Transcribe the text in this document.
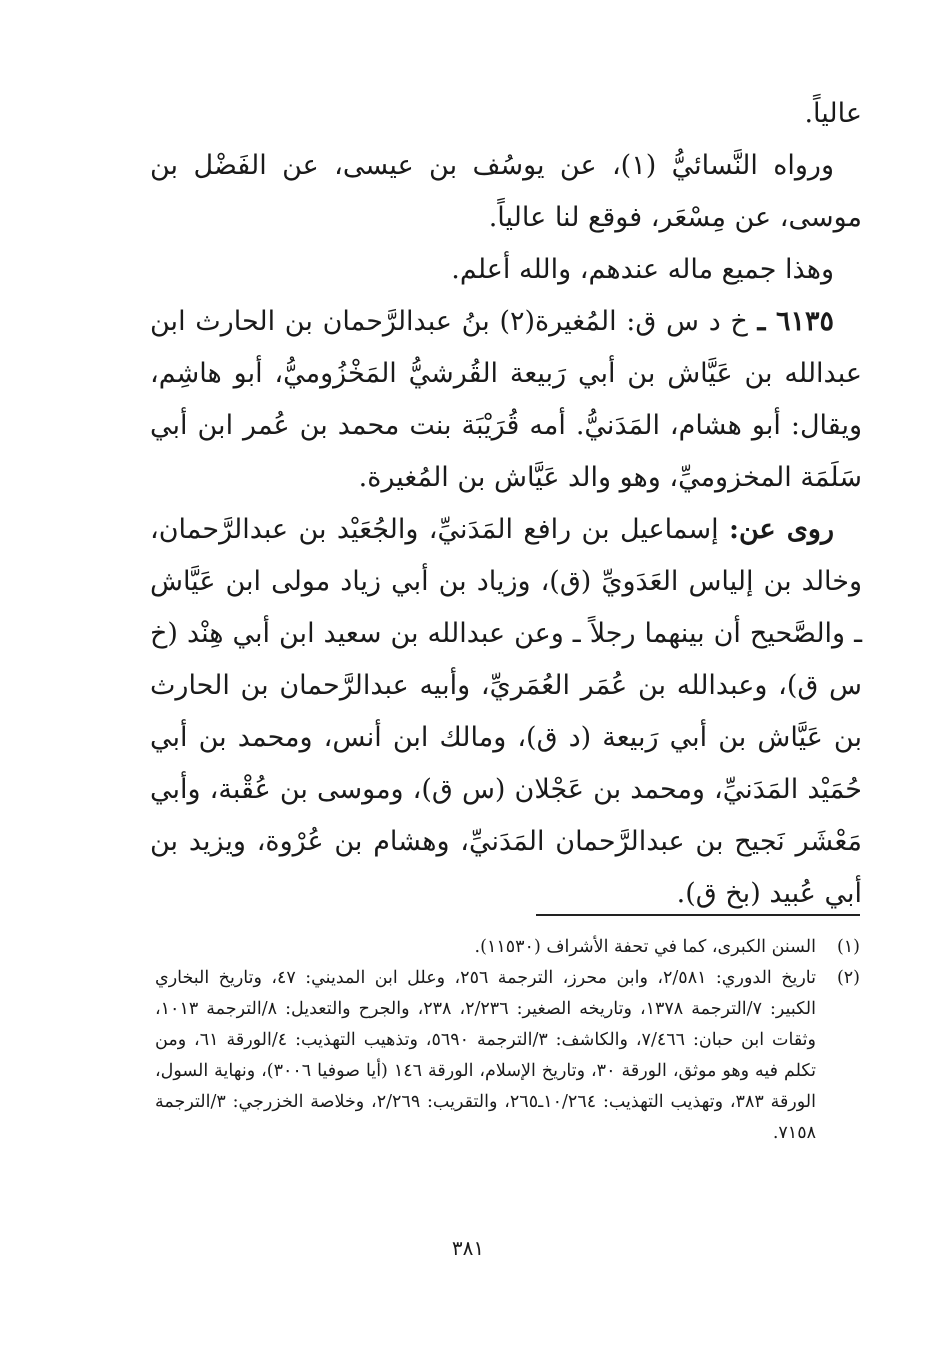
عالياً.

ورواه النَّسائيُّ (١)، عن يوسُف بن عيسى، عن الفَضْل بن موسى، عن مِسْعَر، فوقع لنا عالياً.

وهذا جميع ماله عندهم، والله أعلم.

٦١٣٥ ـ خ د س ق: المُغيرة(٢) بنُ عبدالرَّحمان بن الحارث ابن عبدالله بن عَيَّاش بن أبي رَبيعة القُرشيُّ المَخْزُوميُّ، أبو هاشِم، ويقال: أبو هشام، المَدَنيُّ. أمه قُرَيْبَة بنت محمد بن عُمر ابن أبي سَلَمَة المخزوميِّ، وهو والد عَيَّاش بن المُغيرة.

روى عن: إسماعيل بن رافع المَدَنيِّ، والجُعَيْد بن عبدالرَّحمان، وخالد بن إلياس العَدَويِّ (ق)، وزياد بن أبي زياد مولى ابن عَيَّاش ـ والصَّحيح أن بينهما رجلاً ـ وعن عبدالله بن سعيد ابن أبي هِنْد (خ س ق)، وعبدالله بن عُمَر العُمَريِّ، وأبيه عبدالرَّحمان بن الحارث بن عَيَّاش بن أبي رَبيعة (د ق)، ومالك ابن أنس، ومحمد بن أبي حُمَيْد المَدَنيِّ، ومحمد بن عَجْلان (س ق)، وموسى بن عُقْبة، وأبي مَعْشَر نَجيح بن عبدالرَّحمان المَدَنيِّ، وهشام بن عُرْوة، ويزيد بن أبي عُبيد (بخ ق).

(١)
السنن الكبرى، كما في تحفة الأشراف (١١٥٣٠).
(٢)
تاريخ الدوري: ٢/٥٨١، وابن محرز، الترجمة ٢٥٦، وعلل ابن المديني: ٤٧، وتاريخ البخاري الكبير: ٧/الترجمة ١٣٧٨، وتاريخه الصغير: ٢/٢٣٦، ٢٣٨، والجرح والتعديل: ٨/الترجمة ١٠١٣، وثقات ابن حبان: ٧/٤٦٦، والكاشف: ٣/الترجمة ٥٦٩٠، وتذهيب التهذيب: ٤/الورقة ٦١، ومن تكلم فيه وهو موثق، الورقة ٣٠، وتاريخ الإسلام، الورقة ١٤٦ (أيا صوفيا ٣٠٠٦)، ونهاية السول، الورقة ٣٨٣، وتهذيب التهذيب: ١٠/٢٦٤ـ٢٦٥، والتقريب: ٢/٢٦٩، وخلاصة الخزرجي: ٣/الترجمة ٧١٥٨.
٣٨١
